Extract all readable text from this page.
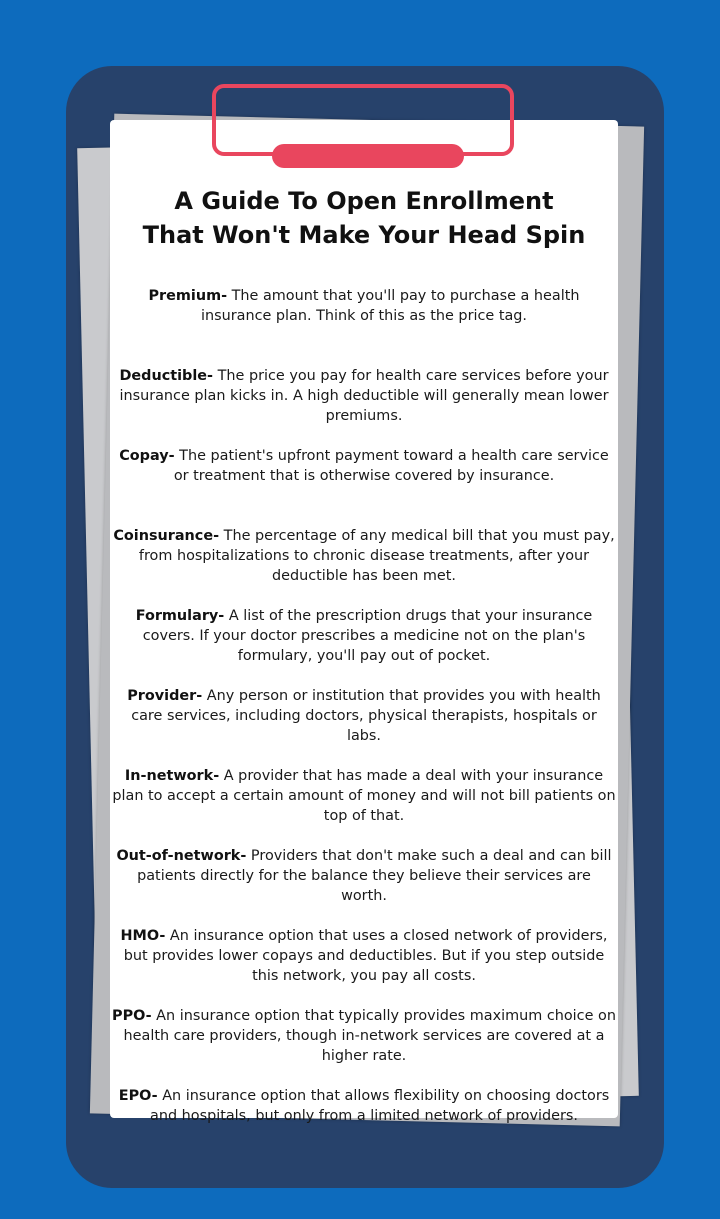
A Guide To Open Enrollment
That Won't Make Your Head Spin
Premium- The amount that you'll pay to purchase a health insurance plan. Think of this as the price tag.
Deductible- The price you pay for health care services before your insurance plan kicks in. A high deductible will generally mean lower premiums.
Copay- The patient's upfront payment toward a health care service or treatment that is otherwise covered by insurance.
Coinsurance- The percentage of any medical bill that you must pay, from hospitalizations to chronic disease treatments, after your deductible has been met.
Formulary- A list of the prescription drugs that your insurance covers. If your doctor prescribes a medicine not on the plan's formulary, you'll pay out of pocket.
Provider- Any person or institution that provides you with health care services, including doctors, physical therapists, hospitals or labs.
In-network- A provider that has made a deal with your insurance plan to accept a certain amount of money and will not bill patients on top of that.
Out-of-network- Providers that don't make such a deal and can bill patients directly for the balance they believe their services are worth.
HMO- An insurance option that uses a closed network of providers, but provides lower copays and deductibles. But if you step outside this network, you pay all costs.
PPO- An insurance option that typically provides maximum choice on health care providers, though in-network services are covered at a higher rate.
EPO- An insurance option that allows flexibility on choosing doctors and hospitals, but only from a limited network of providers.
